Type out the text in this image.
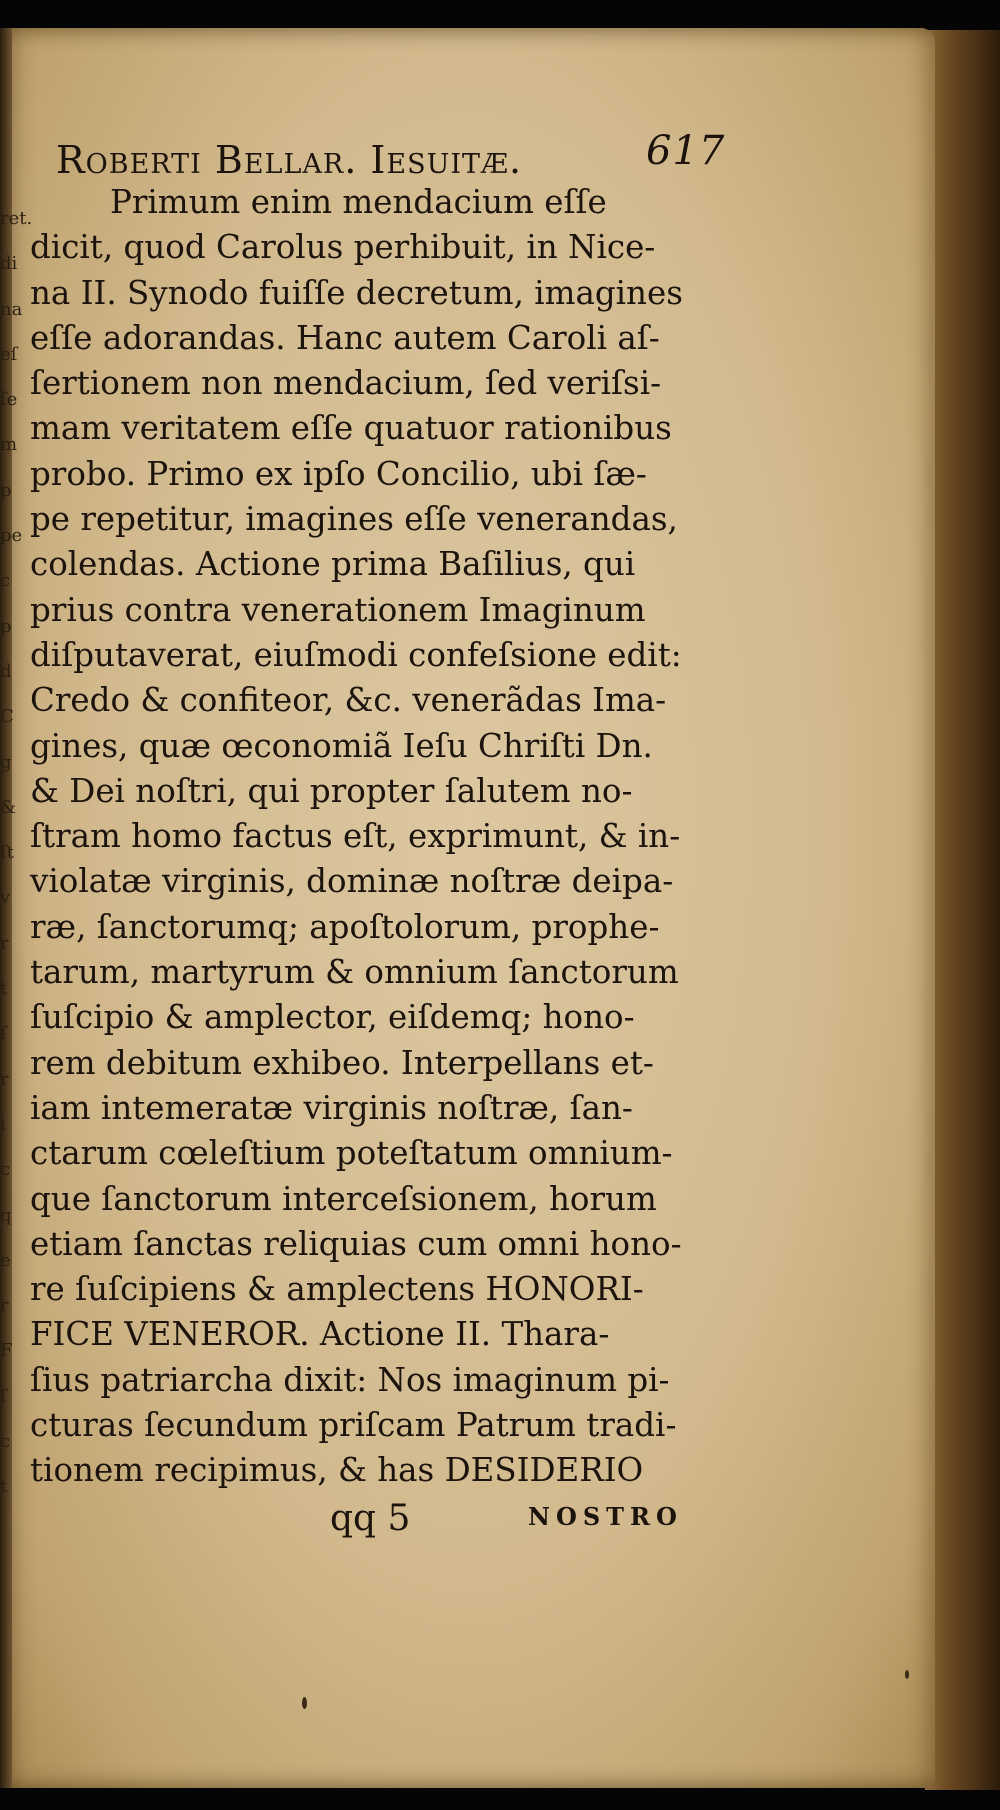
Roberti Bellar. Iesuitæ.	617
ret.
di
na
eſ
ſe
m
p
pe
c
p
d
C
g
&
ſt
v
r
t
ſ
r
i
c
q
e
r
F
ſ
c
t
Primum enim mendacium eſſe
dicit, quod Carolus perhibuit, in Nice-
na II. Synodo fuiſſe decretum, imagines
eſſe adorandas. Hanc autem Caroli aſ-
ſertionem non mendacium, ſed veriſsi-
mam veritatem eſſe quatuor rationibus
probo. Primo ex ipſo Concilio, ubi ſæ-
pe repetitur, imagines eſſe venerandas,
colendas. Actione prima Baſilius, qui
prius contra venerationem Imaginum
diſputaverat, eiuſmodi confeſsione edit:
Credo & confiteor, &c. venerãdas Ima-
gines, quæ œconomiã Ieſu Chriſti Dn.
& Dei noſtri, qui propter ſalutem no-
ſtram homo factus eſt, exprimunt, & in-
violatæ virginis, dominæ noſtræ deipa-
ræ, ſanctorumq; apoſtolorum, prophe-
tarum, martyrum & omnium ſanctorum
ſuſcipio & amplector, eiſdemq; hono-
rem debitum exhibeo. Interpellans et-
iam intemeratæ virginis noſtræ, ſan-
ctarum cœleſtium poteſtatum omnium-
que ſanctorum interceſsionem, horum
etiam ſanctas reliquias cum omni hono-
re ſuſcipiens & amplectens HONORI-
FICE VENEROR. Actione II. Thara-
ſius patriarcha dixit: Nos imaginum pi-
cturas ſecundum priſcam Patrum tradi-
tionem recipimus, & has DESIDERIO
qq 5	NOSTRO
